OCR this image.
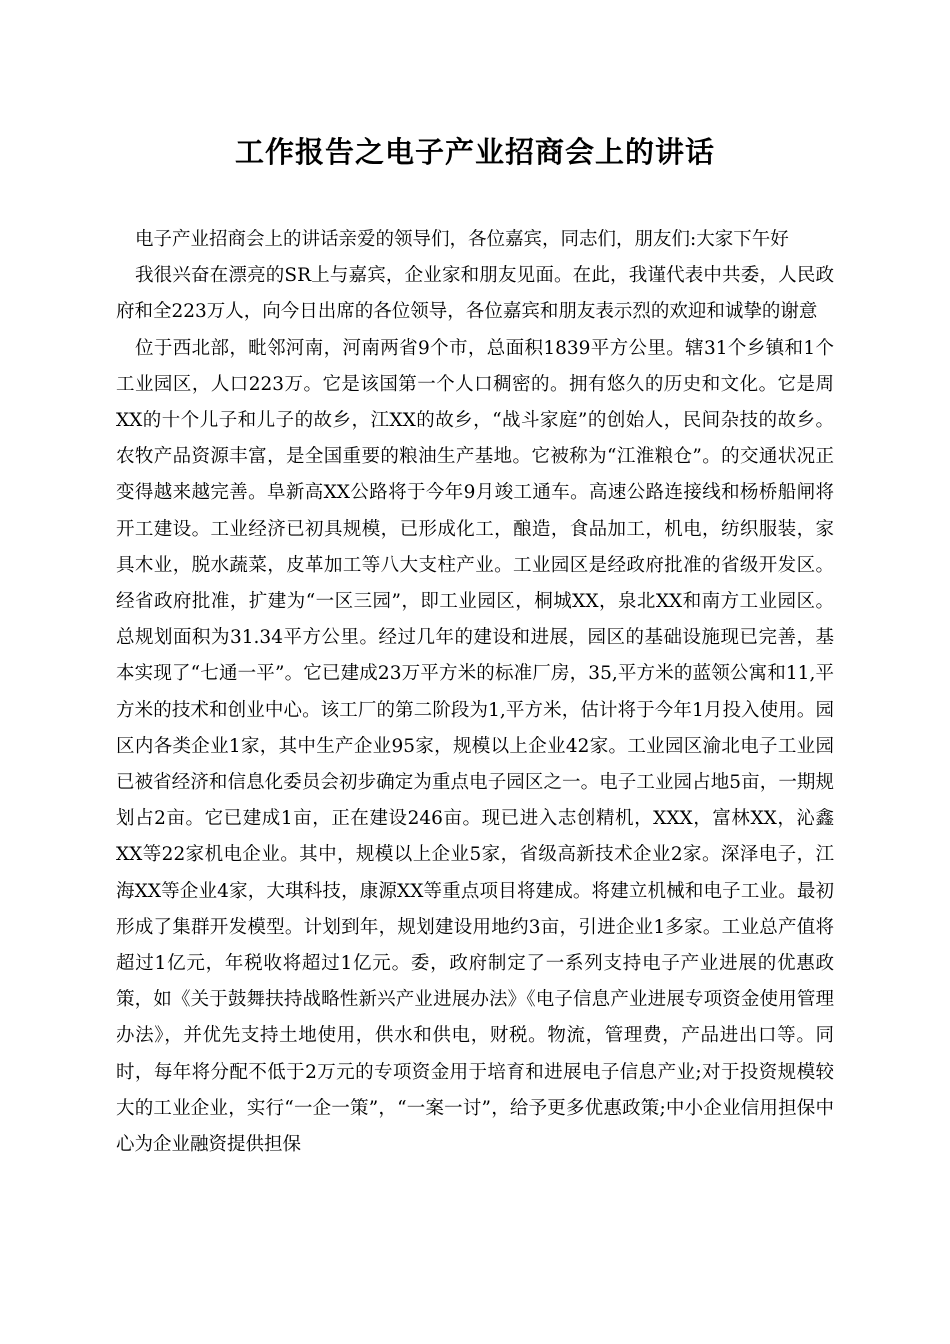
工作报告之电子产业招商会上的讲话

电子产业招商会上的讲话亲爱的领导们，各位嘉宾，同志们，朋友们:大家下午好

我很兴奋在漂亮的SR上与嘉宾，企业家和朋友见面。在此，我谨代表中共委，人民政府和全223万人，向今日出席的各位领导，各位嘉宾和朋友表示烈的欢迎和诚挚的谢意

位于西北部，毗邻河南，河南两省9个市，总面积1839平方公里。辖31个乡镇和1个工业园区，人口223万。它是该国第一个人口稠密的。拥有悠久的历史和文化。它是周XX的十个儿子和儿子的故乡，江XX的故乡，“战斗家庭”的创始人，民间杂技的故乡。农牧产品资源丰富，是全国重要的粮油生产基地。它被称为“江淮粮仓”。的交通状况正变得越来越完善。阜新高XX公路将于今年9月竣工通车。高速公路连接线和杨桥船闸将开工建设。工业经济已初具规模，已形成化工，酿造，食品加工，机电，纺织服装，家具木业，脱水蔬菜，皮革加工等八大支柱产业。工业园区是经政府批准的省级开发区。经省政府批准，扩建为“一区三园”，即工业园区，桐城XX，泉北XX和南方工业园区。总规划面积为31.34平方公里。经过几年的建设和进展，园区的基础设施现已完善，基本实现了“七通一平”。它已建成23万平方米的标准厂房，35,平方米的蓝领公寓和11,平方米的技术和创业中心。该工厂的第二阶段为1,平方米，估计将于今年1月投入使用。园区内各类企业1家，其中生产企业95家，规模以上企业42家。工业园区渝北电子工业园已被省经济和信息化委员会初步确定为重点电子园区之一。电子工业园占地5亩，一期规划占2亩。它已建成1亩，正在建设246亩。现已进入志创精机，XXX，富林XX，沁鑫XX等22家机电企业。其中，规模以上企业5家，省级高新技术企业2家。深泽电子，江海XX等企业4家，大琪科技，康源XX等重点项目将建成。将建立机械和电子工业。最初形成了集群开发模型。计划到年，规划建设用地约3亩，引进企业1多家。工业总产值将超过1亿元，年税收将超过1亿元。委，政府制定了一系列支持电子产业进展的优惠政策，如《关于鼓舞扶持战略性新兴产业进展办法》《电子信息产业进展专项资金使用管理办法》，并优先支持土地使用，供水和供电，财税。物流，管理费，产品进出口等。同时，每年将分配不低于2万元的专项资金用于培育和进展电子信息产业;对于投资规模较大的工业企业，实行“一企一策”，“一案一讨”，给予更多优惠政策;中小企业信用担保中心为企业融资提供担保
